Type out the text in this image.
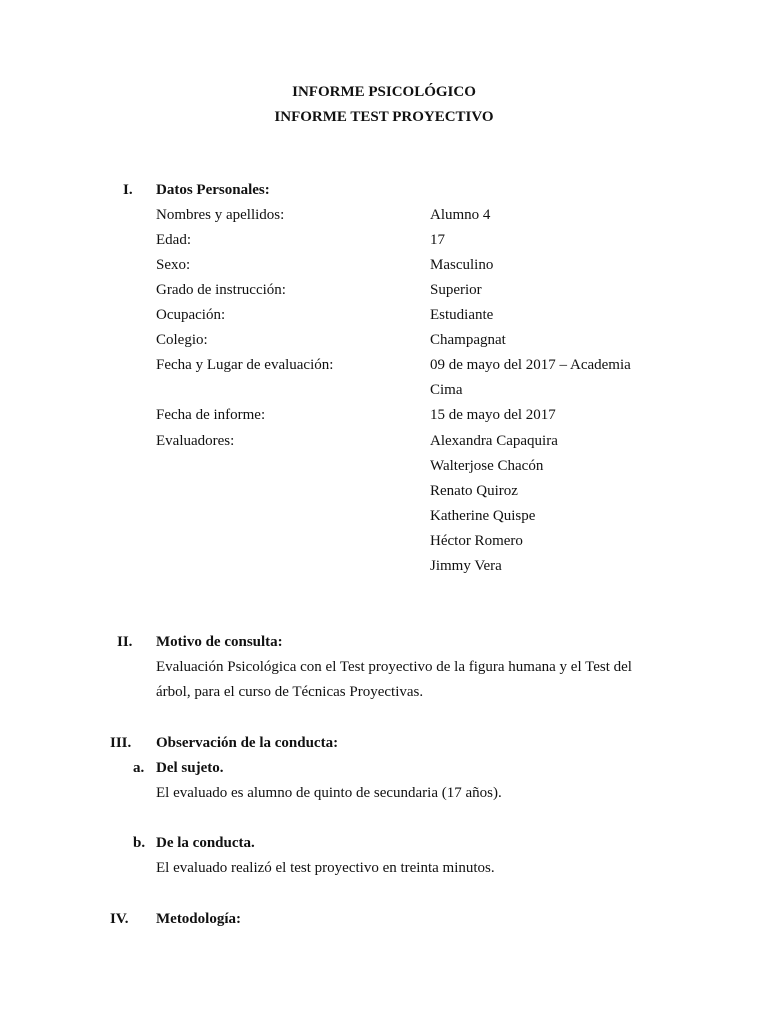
INFORME PSICOLÓGICO
INFORME TEST PROYECTIVO
I. Datos Personales:
Nombres y apellidos:	Alumno 4
Edad:	17
Sexo:	Masculino
Grado de instrucción:	Superior
Ocupación:	Estudiante
Colegio:	Champagnat
Fecha y Lugar de evaluación:	09 de mayo del 2017 – Academia
Cima
Fecha de informe:	15 de mayo del 2017
Evaluadores:	Alexandra Capaquira
Walterjose Chacón
Renato Quiroz
Katherine Quispe
Héctor Romero
Jimmy Vera
II. Motivo de consulta:
Evaluación Psicológica con el Test proyectivo de la figura humana y el Test del
árbol, para el curso de Técnicas Proyectivas.
III. Observación de la conducta:
a. Del sujeto.
El evaluado es alumno de quinto de secundaria (17 años).
b. De la conducta.
El evaluado realizó el test proyectivo en treinta minutos.
IV. Metodología:
